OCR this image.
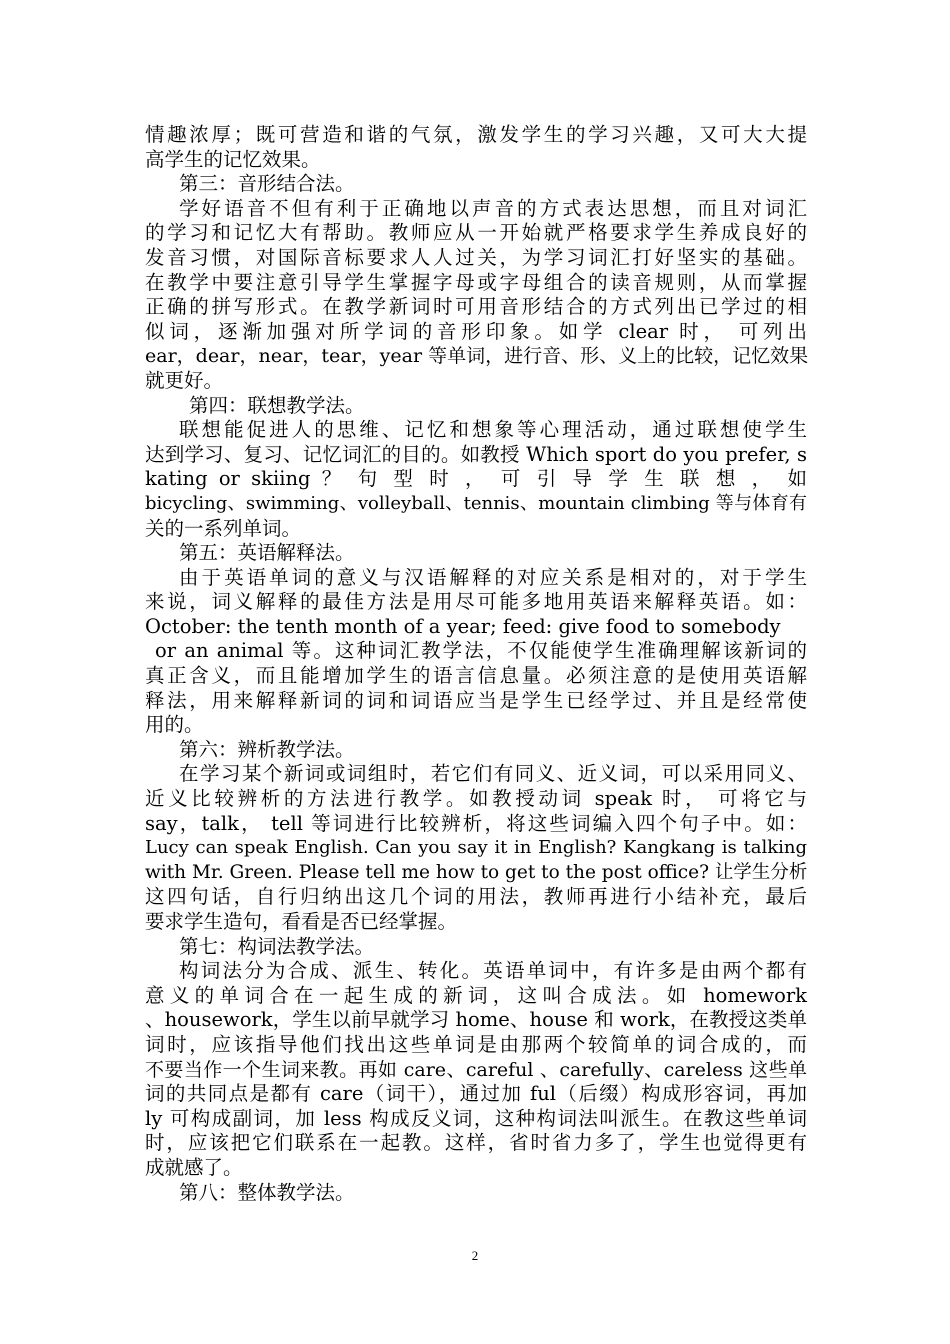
情趣浓厚；既可营造和谐的气氛，激发学生的学习兴趣，又可大大提
高学生的记忆效果。
第三：音形结合法。
学好语音不但有利于正确地以声音的方式表达思想，而且对词汇
的学习和记忆大有帮助。教师应从一开始就严格要求学生养成良好的
发音习惯，对国际音标要求人人过关，为学习词汇打好坚实的基础。
在教学中要注意引导学生掌握字母或字母组合的读音规则，从而掌握
正确的拼写形式。在教学新词时可用音形结合的方式列出已学过的相
似词，逐渐加强对所学词的音形印象。如学 clear 时， 可列出
ear，dear，near，tear，year 等单词，进行音、形、义上的比较，记忆效果
就更好。
第四：联想教学法。
联想能促进人的思维、记忆和想象等心理活动，通过联想使学生
达到学习、复习、记忆词汇的目的。如教授 Which sport do you prefer, s
kating or skiing ？ 句 型 时 ， 可 引 导 学 生 联 想 ， 如
bicycling、swimming、volleyball、tennis、mountain climbing 等与体育有
关的一系列单词。
第五：英语解释法。
由于英语单词的意义与汉语解释的对应关系是相对的，对于学生
来说，词义解释的最佳方法是用尽可能多地用英语来解释英语。如：
October: the tenth month of a year; feed: give food to somebody
or an animal 等。这种词汇教学法，不仅能使学生准确理解该新词的
真正含义，而且能增加学生的语言信息量。必须注意的是使用英语解
释法，用来解释新词的词和词语应当是学生已经学过、并且是经常使
用的。
第六：辨析教学法。
在学习某个新词或词组时，若它们有同义、近义词，可以采用同义、
近义比较辨析的方法进行教学。如教授动词 speak 时， 可将它与
say，talk， tell 等词进行比较辨析，将这些词编入四个句子中。如：
Lucy can speak English. Can you say it in English? Kangkang is talking
with Mr. Green. Please tell me how to get to the post office? 让学生分析
这四句话，自行归纳出这几个词的用法，教师再进行小结补充，最后
要求学生造句，看看是否已经掌握。
第七：构词法教学法。
构词法分为合成、派生、转化。英语单词中，有许多是由两个都有
意义的单词合在一起生成的新词，这叫合成法。如 homework
、housework，学生以前早就学习 home、house 和 work，在教授这类单
词时，应该指导他们找出这些单词是由那两个较简单的词合成的，而
不要当作一个生词来教。再如 care、careful 、carefully、careless 这些单
词的共同点是都有 care（词干），通过加 ful（后缀）构成形容词，再加
ly 可构成副词，加 less 构成反义词，这种构词法叫派生。在教这些单词
时，应该把它们联系在一起教。这样，省时省力多了，学生也觉得更有
成就感了。
第八：整体教学法。
2
